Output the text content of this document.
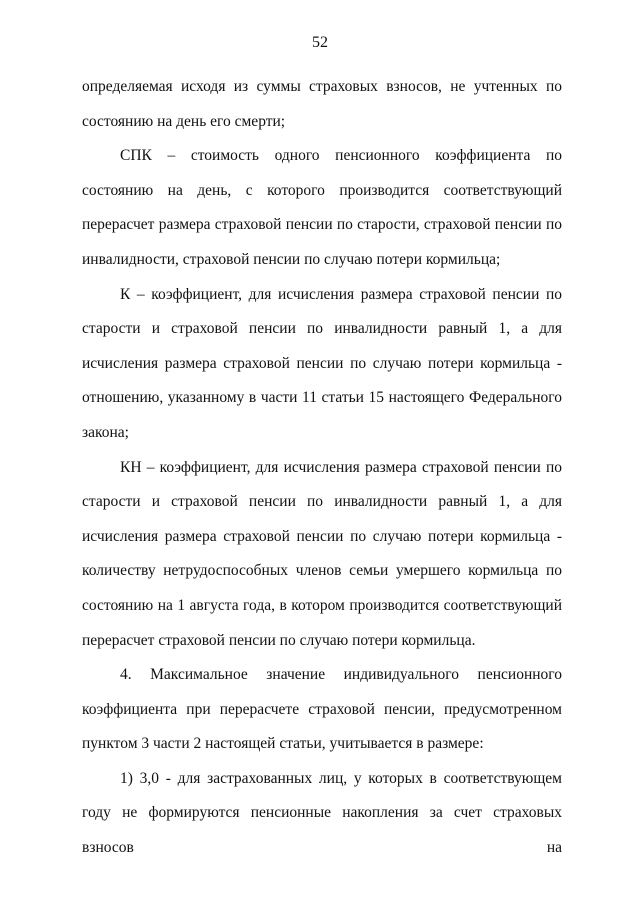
52

определяемая исходя из суммы страховых взносов, не учтенных по состоянию на день его смерти;

СПК – стоимость одного пенсионного коэффициента по состоянию на день, с которого производится соответствующий перерасчет размера страховой пенсии по старости, страховой пенсии по инвалидности, страховой пенсии по случаю потери кормильца;

К – коэффициент, для исчисления размера страховой пенсии по старости и страховой пенсии по инвалидности равный 1, а для исчисления размера страховой пенсии по случаю потери кормильца - отношению, указанному в части 11 статьи 15 настоящего Федерального закона;

КН – коэффициент, для исчисления размера страховой пенсии по старости и страховой пенсии по инвалидности равный 1, а для исчисления размера страховой пенсии по случаю потери кормильца - количеству нетрудоспособных членов семьи умершего кормильца по состоянию на 1 августа года, в котором производится соответствующий перерасчет страховой пенсии по случаю потери кормильца.

4. Максимальное значение индивидуального пенсионного коэффициента при перерасчете страховой пенсии, предусмотренном пунктом 3 части 2 настоящей статьи, учитывается в размере:

1) 3,0 - для застрахованных лиц, у которых в соответствующем году не формируются пенсионные накопления за счет страховых взносов на
